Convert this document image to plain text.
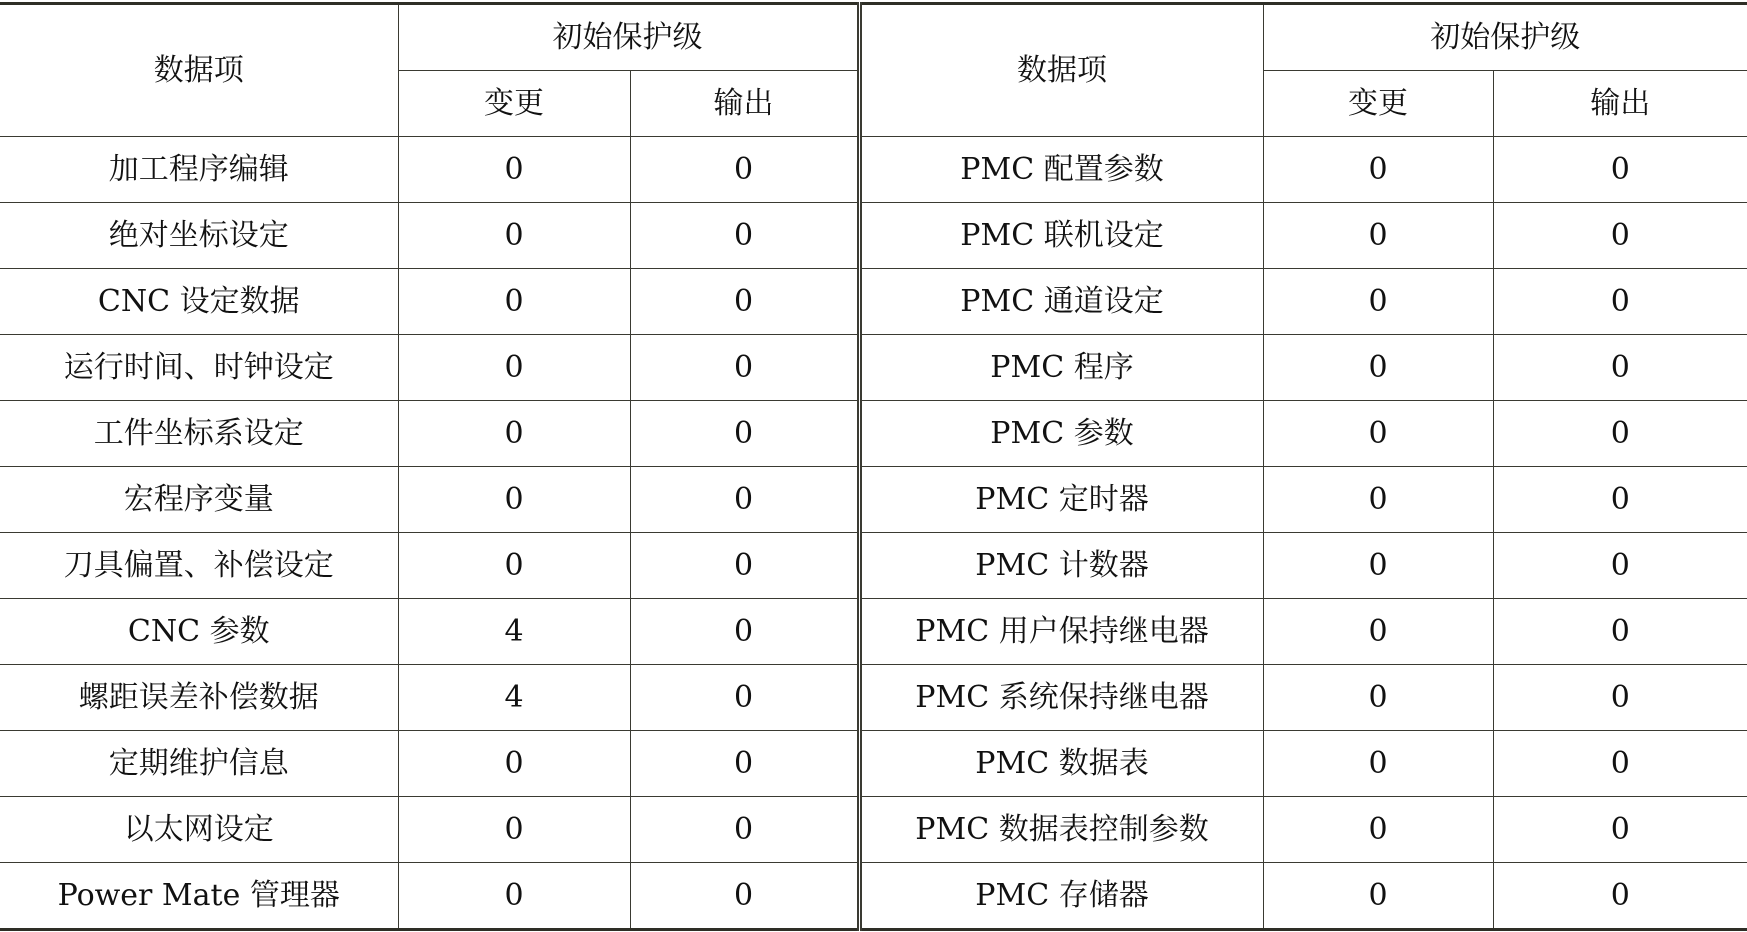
数据项	初始保护级		数据项	初始保护级	
	变更	输出		变更	输出
加工程序编辑	0	0	PMC 配置参数	0	0
绝对坐标设定	0	0	PMC 联机设定	0	0
CNC 设定数据	0	0	PMC 通道设定	0	0
运行时间、时钟设定	0	0	PMC 程序	0	0
工件坐标系设定	0	0	PMC 参数	0	0
宏程序变量	0	0	PMC 定时器	0	0
刀具偏置、补偿设定	0	0	PMC 计数器	0	0
CNC 参数	4	0	PMC 用户保持继电器	0	0
螺距误差补偿数据	4	0	PMC 系统保持继电器	0	0
定期维护信息	0	0	PMC 数据表	0	0
以太网设定	0	0	PMC 数据表控制参数	0	0
Power Mate 管理器	0	0	PMC 存储器	0	0
